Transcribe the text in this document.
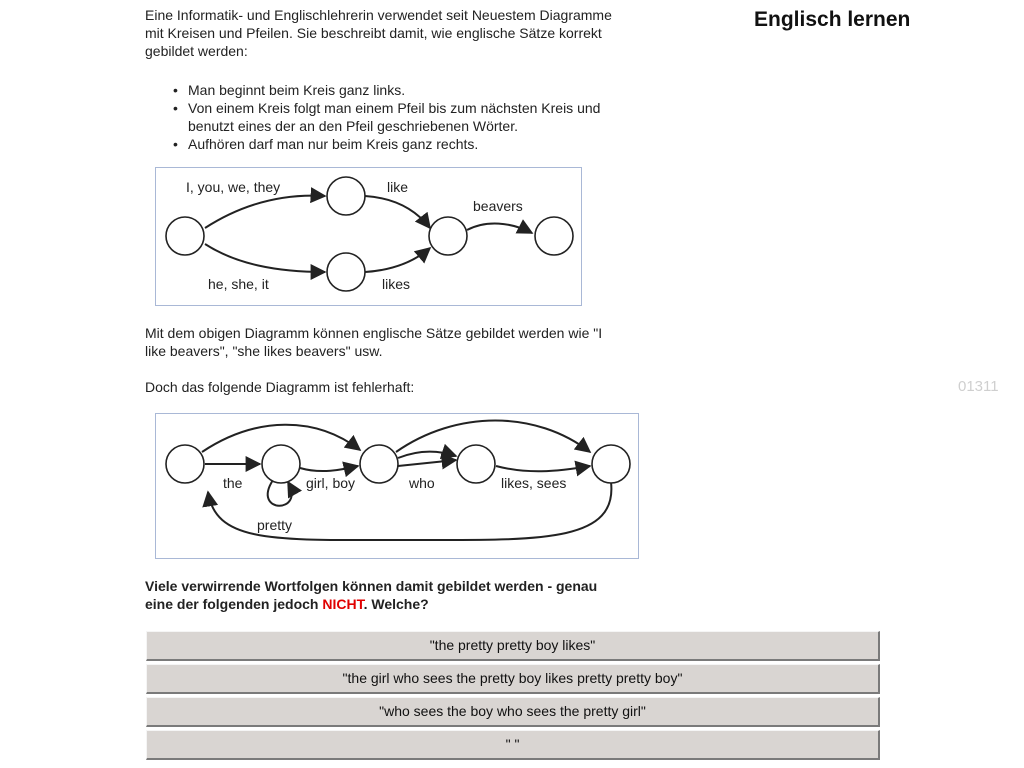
Eine Informatik- und Englischlehrerin verwendet seit Neuestem Diagramme mit Kreisen und Pfeilen. Sie beschreibt damit, wie englische Sätze korrekt gebildet werden:
• Man beginnt beim Kreis ganz links.
• Von einem Kreis folgt man einem Pfeil bis zum nächsten Kreis und benutzt eines der an den Pfeil geschriebenen Wörter.
• Aufhören darf man nur beim Kreis ganz rechts.
Englisch lernen
I, you, we, they
he, she, it
like
likes
beavers
Mit dem obigen Diagramm können englische Sätze gebildet werden wie "I like beavers", "she likes beavers" usw.
Doch das folgende Diagramm ist fehlerhaft:	01311
the
pretty
girl, boy	who	likes, sees
Viele verwirrende Wortfolgen können damit gebildet werden - genau eine der folgenden jedoch NICHT. Welche?
"the pretty pretty boy likes"
"the girl who sees the pretty boy likes pretty pretty boy"
"who sees the boy who sees the pretty girl"
" "
